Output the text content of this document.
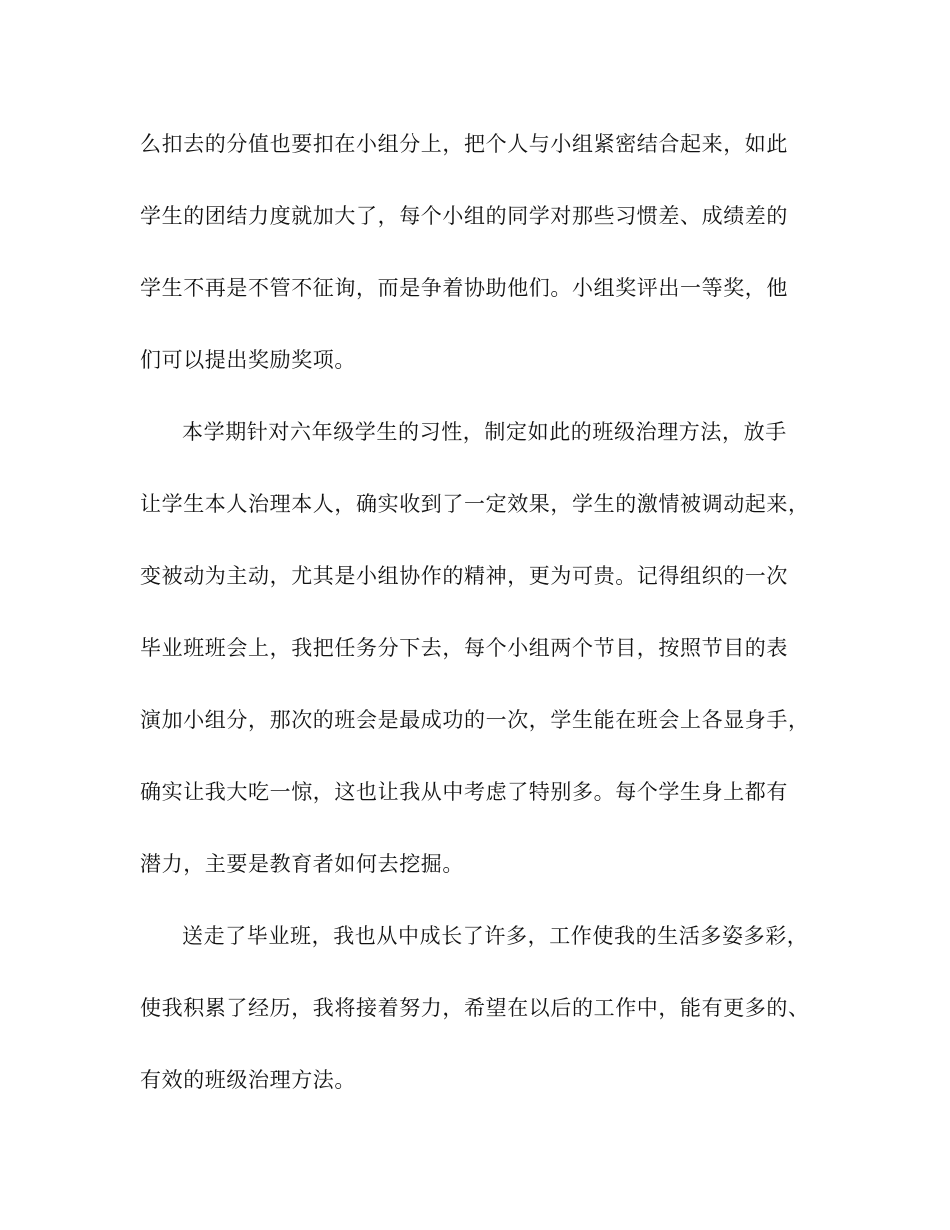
么扣去的分值也要扣在小组分上，把个人与小组紧密结合起来，如此
学生的团结力度就加大了，每个小组的同学对那些习惯差、成绩差的
学生不再是不管不征询，而是争着协助他们。小组奖评出一等奖，他
们可以提出奖励奖项。
本学期针对六年级学生的习性，制定如此的班级治理方法，放手
让学生本人治理本人，确实收到了一定效果，学生的激情被调动起来，
变被动为主动，尤其是小组协作的精神，更为可贵。记得组织的一次
毕业班班会上，我把任务分下去，每个小组两个节目，按照节目的表
演加小组分，那次的班会是最成功的一次，学生能在班会上各显身手，
确实让我大吃一惊，这也让我从中考虑了特别多。每个学生身上都有
潜力，主要是教育者如何去挖掘。
送走了毕业班，我也从中成长了许多，工作使我的生活多姿多彩，
使我积累了经历，我将接着努力，希望在以后的工作中，能有更多的、
有效的班级治理方法。
